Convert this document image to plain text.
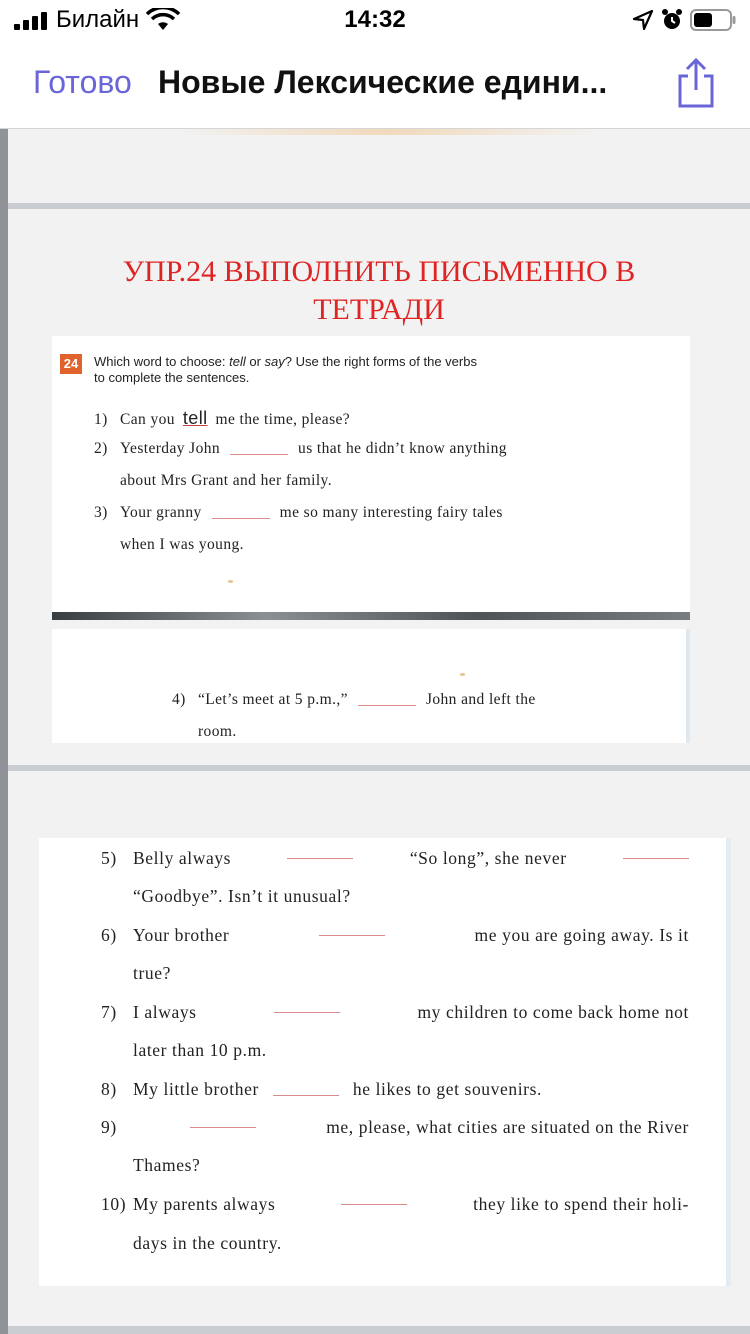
Билайн	14:32
Готово Новые Лексические едини...
УПР.24 ВЫПОЛНИТЬ ПИСЬМЕННО В
ТЕТРАДИ
24 Which word to choose: tell or say? Use the right forms of the verbs
to complete the sentences.
1) Can you tell me the time, please?
2) Yesterday John	us that he didn’t know anything
about Mrs Grant and her family.
3) Your granny	me so many interesting fairy tales
when I was young.
4) “Let’s meet at 5 p.m.,”	John and left the
room.
5) Belly always	“So long”, she never
“Goodbye”. Isn’t it unusual?
6) Your brother	me you are going away. Is it
true?
7) I always	my children to come back home not
later than 10 p.m.
8) My little brother	he likes to get souvenirs.
9)	me, please, what cities are situated on the River
Thames?
10) My parents always	they like to spend their holi-
days in the country.
